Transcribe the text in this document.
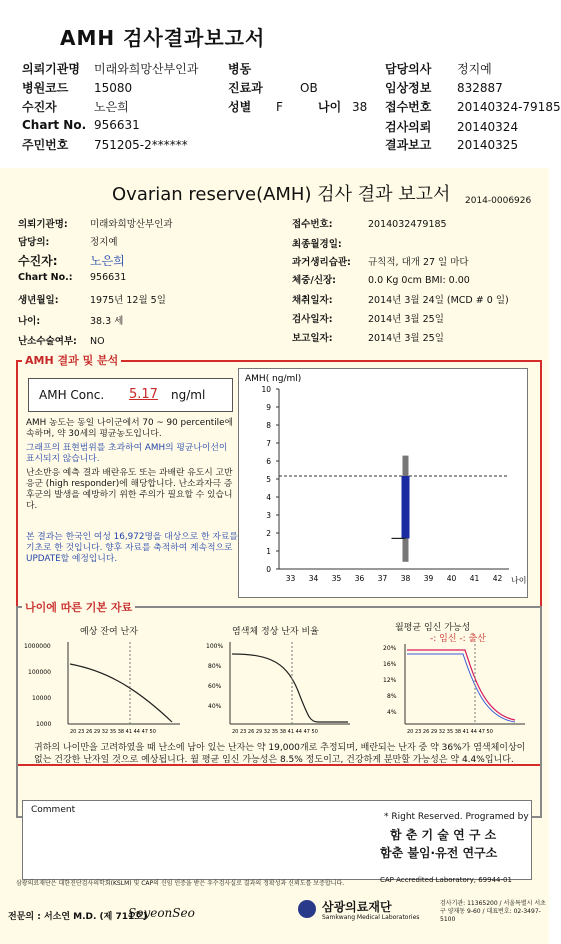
AMH 검사결과보고서
의뢰기관명 미래와희망산부인과 병동	담당의사 정지예
병원코드 15080	진료과	OB	임상정보 832887
수진자	노은희	성별 F	나이 38 접수번호 20140324-79185
Chart No. 956631	검사의뢰 20140324
주민번호 751205-2******	결과보고 20140325
Ovarian reserve(AMH) 검사 결과 보고서 2014-0006926
의뢰기관명: 미래와희망산부인과
담당의:	정지예
수진자:	노은희
Chart No.: 956631
생년월일:	1975년 12월 5일
나이:	38.3 세
난소수술여부: NO
접수번호:	2014032479185
최종월경일:
과거생리습관: 규칙적, 대개 27 일 마다
체중/신장:	0.0 Kg 0cm BMI: 0.00
채취일자:	2014년 3월 24일 (MCD # 0 일)
검사일자:	2014년 3월 25일
보고일자:	2014년 3월 25일
AMH 결과 및 분석
AMH Conc. 5.17 ng/ml

AMH 농도는 동일 나이군에서 70 ~ 90 percentile에 속하며, 약 30세의 평균농도입니다.

그래프의 표현범위를 초과하여 AMH의 평균나이선이 표시되지 않습니다.

난소반응 예측 결과 배란유도 또는 과배란 유도시 고반응군 (high responder)에 해당합니다. 난소과자극 증후군의 발생을 예방하기 위한 주의가 필요할 수 있습니다.

본 결과는 한국인 여성 16,972명을 대상으로 한 자료를 기초로 한 것입니다. 향후 자료를 축적하여 계속적으로 UPDATE할 예정입니다.

AMH( ng/ml)
0
1
2
3
4
5
6
7
8
9
10
33 34 35 36 37 38 39 40 41 42 나이
나이에 따른 기본 자료
예상 잔여 난자
1000000
100000
10000
1000
20 23 26 29 32 35 38 41 44 47 50
염색체 정상 난자 비율
100%
80%
60%
40%
20 23 26 29 32 35 38 41 44 47 50
월평균 임신 가능성
-: 임신 -: 출산
20%
16%
12%
8%
4%
20 23 26 29 32 35 38 41 44 47 50
귀하의 나이만을 고려하였을 때 난소에 남아 있는 난자는 약 19,000개로 추정되며, 배란되는 난자 중 약 36%가 염색체이상이 없는 건강한 난자일 것으로 예상됩니다. 월 평균 임신 가능성은 8.5% 정도이고, 건강하게 분만할 가능성은 약 4.4%입니다.
Comment
* Right Reserved. Programed by
함 춘 기 술 연 구 소
함춘 불임·유전 연구소
삼광의료재단은 대한진단검사의학회(KSLM) 및 CAP의 신임 인증을 받은 우수검사실로 결과의 정확성과 신뢰도를 보증합니다.	CAP Accredited Laboratory, 69944-01
전문의 : 서소연 M.D. (제 711호)
SoyeonSeo	삼광의료재단
Samkwang Medical Laboratories
검사기관: 11365200 / 서울특별시 서초구 양재동 9-60 / 대표번호: 02-3497-5100
